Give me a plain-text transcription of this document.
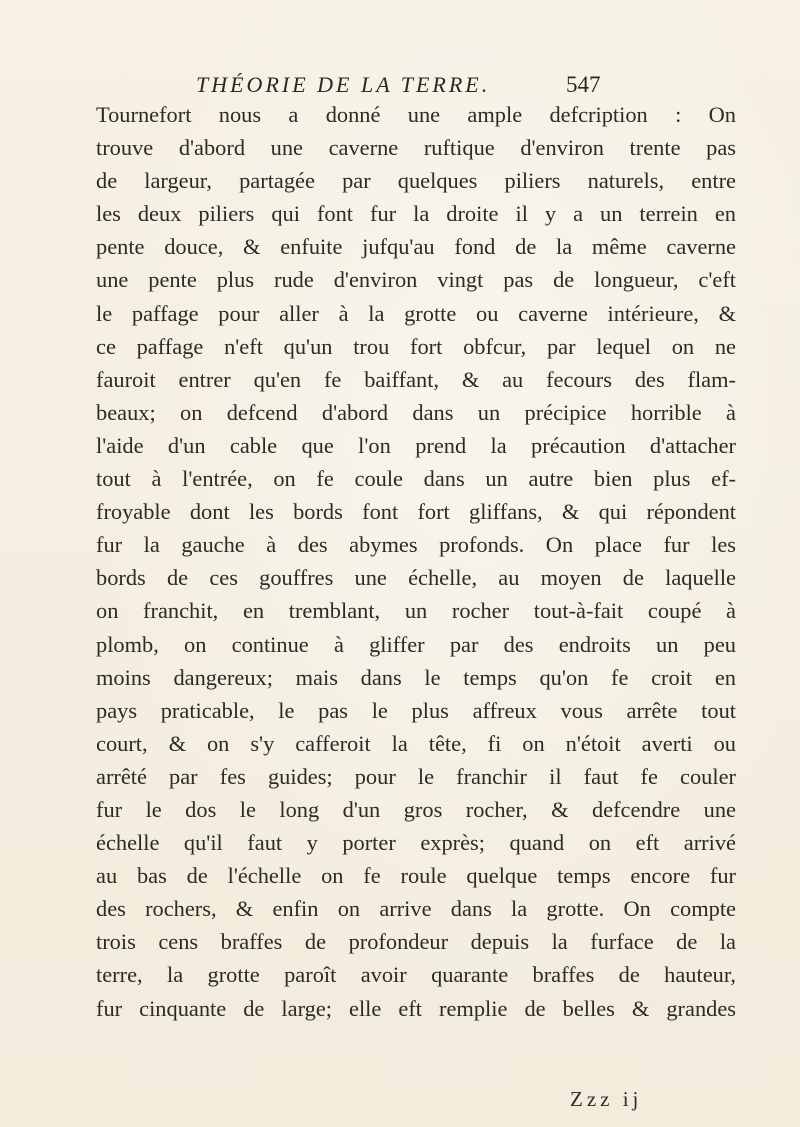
THÉORIE DE LA TERRE.	547
Tournefort nous a donné une ample defcription : On
trouve d'abord une caverne ruftique d'environ trente pas
de largeur, partagée par quelques piliers naturels, entre
les deux piliers qui font fur la droite il y a un terrein en
pente douce, & enfuite jufqu'au fond de la même caverne
une pente plus rude d'environ vingt pas de longueur, c'eft
le paffage pour aller à la grotte ou caverne intérieure, &
ce paffage n'eft qu'un trou fort obfcur, par lequel on ne
fauroit entrer qu'en fe baiffant, & au fecours des flam-
beaux; on defcend d'abord dans un précipice horrible à
l'aide d'un cable que l'on prend la précaution d'attacher
tout à l'entrée, on fe coule dans un autre bien plus ef-
froyable dont les bords font fort gliffans, & qui répondent
fur la gauche à des abymes profonds. On place fur les
bords de ces gouffres une échelle, au moyen de laquelle
on franchit, en tremblant, un rocher tout-à-fait coupé à
plomb, on continue à gliffer par des endroits un peu
moins dangereux; mais dans le temps qu'on fe croit en
pays praticable, le pas le plus affreux vous arrête tout
court, & on s'y cafferoit la tête, fi on n'étoit averti ou
arrêté par fes guides; pour le franchir il faut fe couler
fur le dos le long d'un gros rocher, & defcendre une
échelle qu'il faut y porter exprès; quand on eft arrivé
au bas de l'échelle on fe roule quelque temps encore fur
des rochers, & enfin on arrive dans la grotte. On compte
trois cens braffes de profondeur depuis la furface de la
terre, la grotte paroît avoir quarante braffes de hauteur,
fur cinquante de large; elle eft remplie de belles & grandes
Zzz ij
